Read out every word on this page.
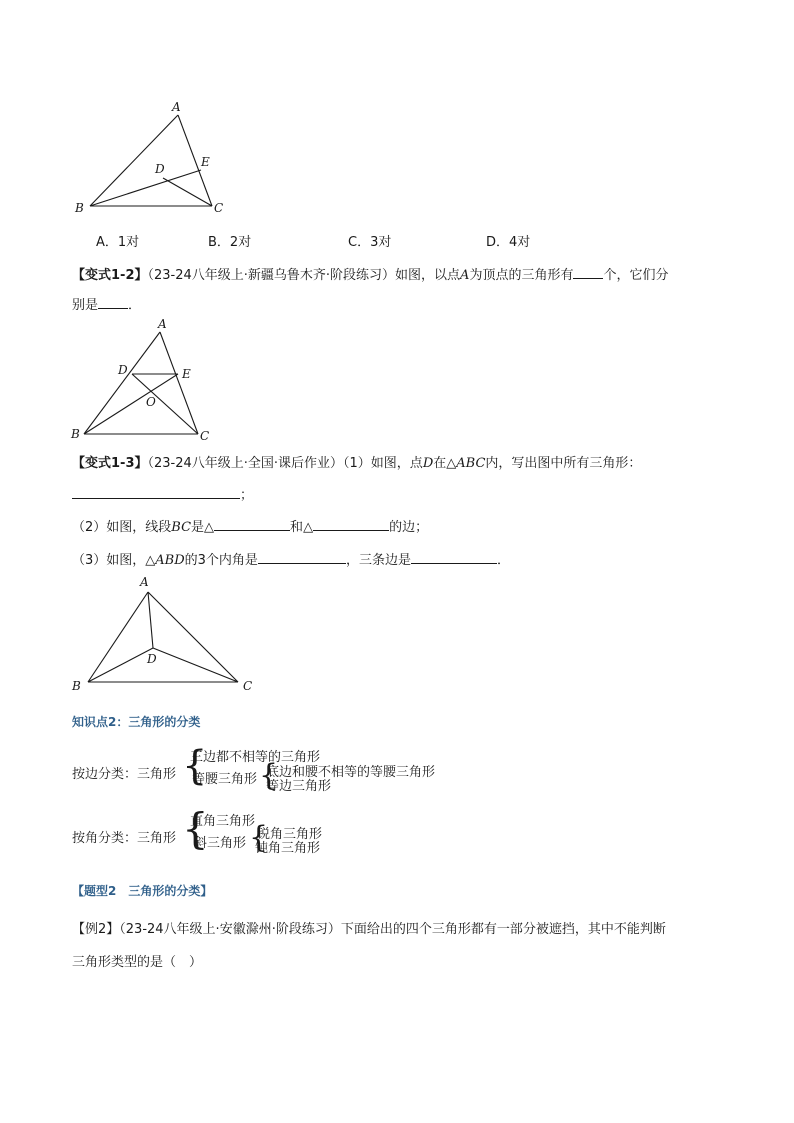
A
B	C
D	E
A．1对	B．2对	C．3对	D．4对
【变式1-2】（23-24八年级上·新疆乌鲁木齐·阶段练习）如图，以点A为顶点的三角形有 个，它们分
别是 ．
A
B	C
D	E
O
【变式1-3】（23-24八年级上·全国·课后作业）（1）如图，点D在△ABC内，写出图中所有三角形：
；
（2）如图，线段BC是△	和△	的边；
（3）如图，△ABD的3个内角是	，三条边是	．
A
B	C
D
知识点2：三角形的分类
按边分类：三角形 {
三边都不相等的三角形
等腰三角形 {
底边和腰不相等的等腰三角形
等边三角形
按角分类：三角形 {
直角三角形
斜三角形 {
锐角三角形
钝角三角形
【题型2　三角形的分类】
【例2】（23-24八年级上·安徽滁州·阶段练习）下面给出的四个三角形都有一部分被遮挡，其中不能判断
三角形类型的是（　）
